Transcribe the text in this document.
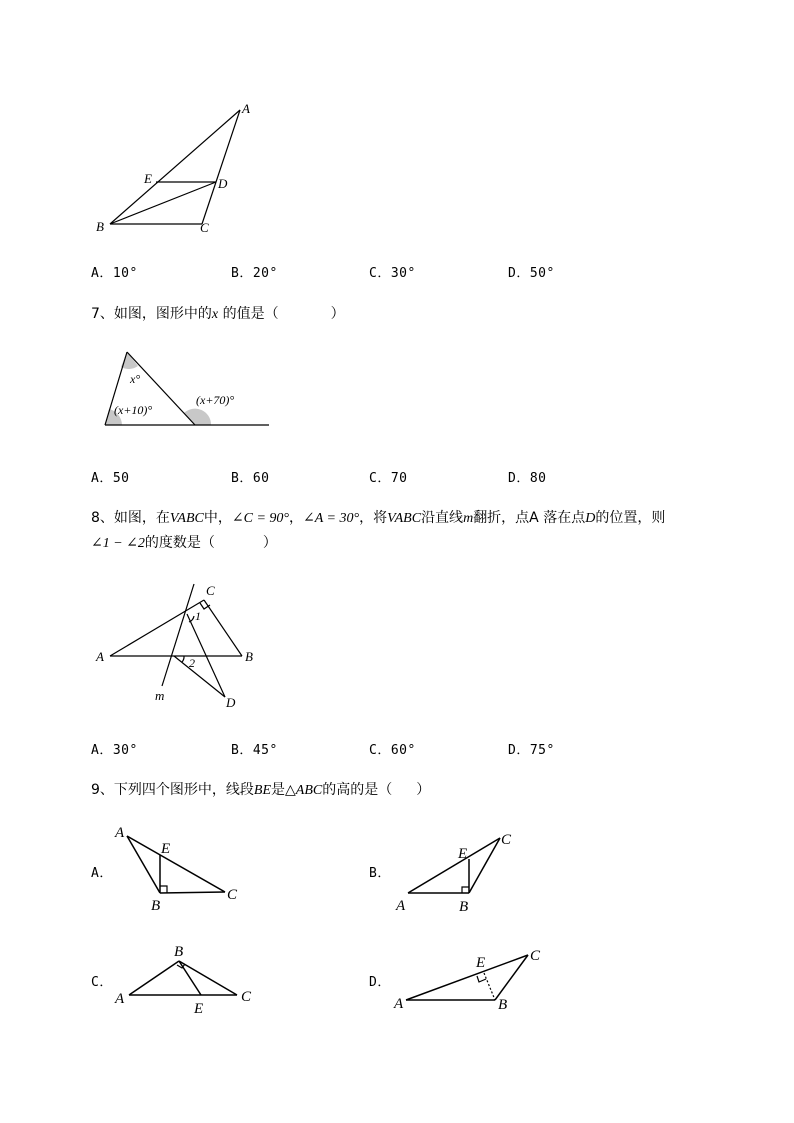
A
B	C
D
E
A．10°	B．20°	C．30°	D．50°
7、如图，图形中的x 的值是（	）
x°
(x+10)°
(x+70)°
A．50	B．60	C．70	D．80
8、如图，在VABC中，∠C = 90°，∠A = 30°，将VABC沿直线m翻折，点A 落在点D的位置，则
∠1 − ∠2的度数是（	）
C
A	B
D
m
1
2
A．30°	B．45°	C．60°	D．75°
9、下列四个图形中，线段BE是△ABC的高的是（ ）
A．
A
E
B
C
B．
A
E
B
C
C．
B
A	C
E
D．
A
E
B
C
